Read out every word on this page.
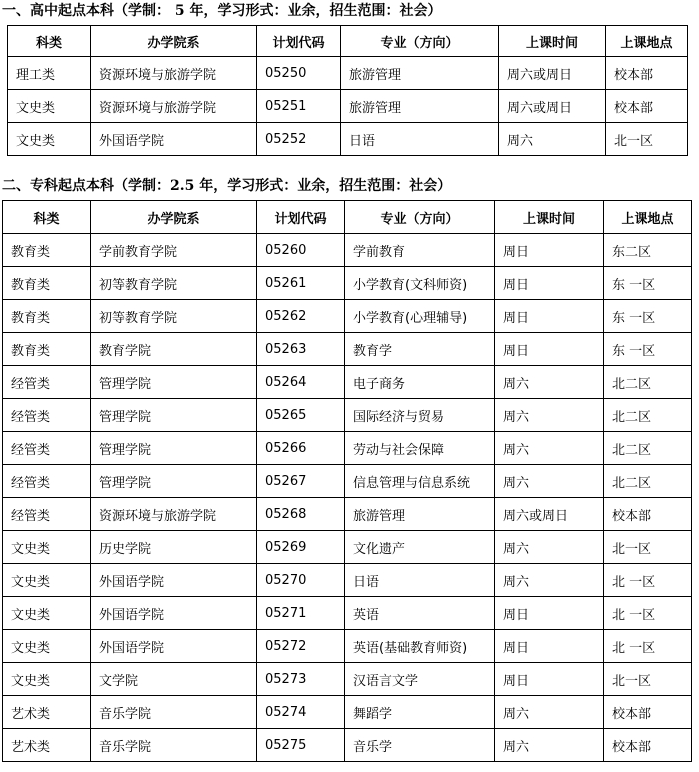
一、高中起点本科（学制： 5 年，学习形式：业余，招生范围：社会）
科类	办学院系	计划代码	专业（方向）	上课时间	上课地点
理工类	资源环境与旅游学院	05250	旅游管理	周六或周日	校本部
文史类	资源环境与旅游学院	05251	旅游管理	周六或周日	校本部
文史类	外国语学院	05252	日语	周六	北一区
二、专科起点本科（学制：2.5 年，学习形式：业余，招生范围：社会）
科类	办学院系	计划代码	专业（方向）	上课时间	上课地点
教育类	学前教育学院	05260	学前教育	周日	东二区
教育类	初等教育学院	05261	小学教育(文科师资)	周日	东 一区
教育类	初等教育学院	05262	小学教育(心理辅导)	周日	东 一区
教育类	教育学院	05263	教育学	周日	东 一区
经管类	管理学院	05264	电子商务	周六	北二区
经管类	管理学院	05265	国际经济与贸易	周六	北二区
经管类	管理学院	05266	劳动与社会保障	周六	北二区
经管类	管理学院	05267	信息管理与信息系统	周六	北二区
经管类	资源环境与旅游学院	05268	旅游管理	周六或周日	校本部
文史类	历史学院	05269	文化遗产	周六	北一区
文史类	外国语学院	05270	日语	周六	北 一区
文史类	外国语学院	05271	英语	周日	北 一区
文史类	外国语学院	05272	英语(基础教育师资)	周日	北 一区
文史类	文学院	05273	汉语言文学	周日	北一区
艺术类	音乐学院	05274	舞蹈学	周六	校本部
艺术类	音乐学院	05275	音乐学	周六	校本部
